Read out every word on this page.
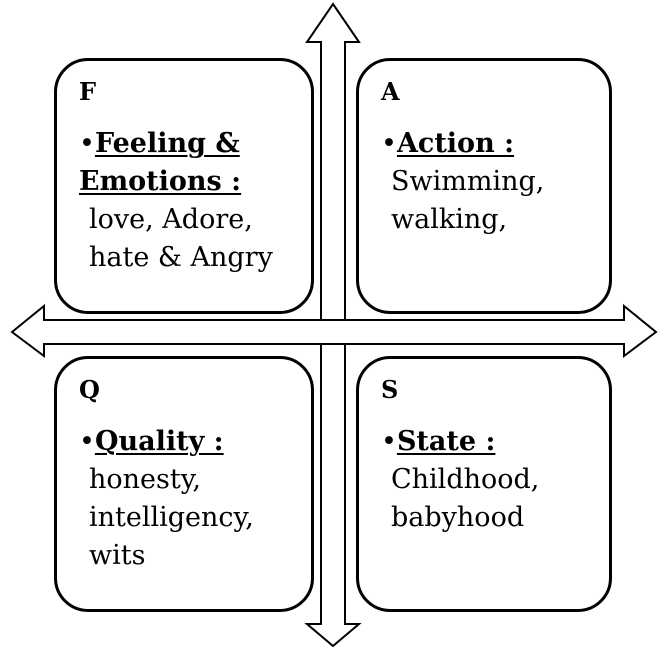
F
•Feeling &
Emotions :
love, Adore,
hate & Angry
A
•Action :
Swimming,
walking,
Q
•Quality :
honesty,
intelligency,
wits
S
•State :
Childhood,
babyhood
